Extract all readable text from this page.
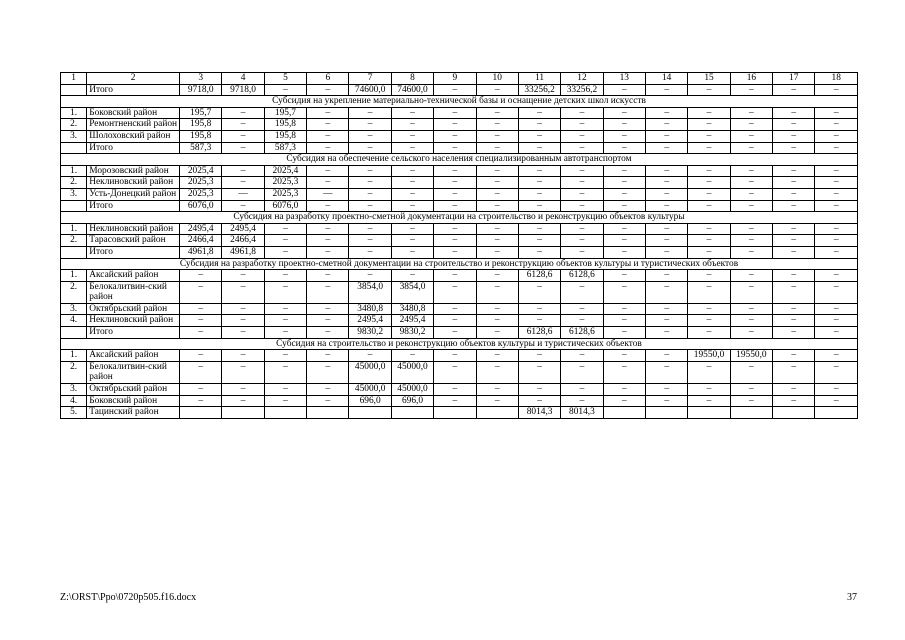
1	2	3	4	5	6	7	8	9	10	11	12	13	14	15	16	17	18
	Итого	9718,0	9718,0	–	–	74600,0	74600,0	–	–	33256,2	33256,2	–	–	–	–	–	–
Субсидия на укрепление материально-технической базы и оснащение детских школ искусств																	
1.	Боковский район	195,7	–	195,7	–	–	–	–	–	–	–	–	–	–	–	–	–
2.	Ремонтненский район	195,8	–	195,8	–	–	–	–	–	–	–	–	–	–	–	–	–
3.	Шолоховский район	195,8	–	195,8	–	–	–	–	–	–	–	–	–	–	–	–	–
	Итого	587,3	–	587,3	–	–	–	–	–	–	–	–	–	–	–	–	–
Субсидия на обеспечение сельского населения специализированным автотранспортом																	
1.	Морозовский район	2025,4	–	2025,4	–	–	–	–	–	–	–	–	–	–	–	–	–
2.	Неклиновский район	2025,3	–	2025,3	–	–	–	–	–	–	–	–	–	–	–	–	–
3.	Усть-Донецкий район	2025,3	—	2025,3	—	–	–	–	–	–	–	–	–	–	–	–	–
	Итого	6076,0	–	6076,0	–	–	–	–	–	–	–	–	–	–	–	–	–
Субсидия на разработку проектно-сметной документации на строительство и реконструкцию объектов культуры																	
1.	Неклиновский район	2495,4	2495,4	–	–	–	–	–	–	–	–	–	–	–	–	–	–
2.	Тарасовский район	2466,4	2466,4	–	–	–	–	–	–	–	–	–	–	–	–	–	–
	Итого	4961,8	4961,8	–	–	–	–	–	–	–	–	–	–	–	–	–	–
Субсидия на разработку проектно-сметной документации на строительство и реконструкцию объектов культуры и туристических объектов																	
1.	Аксайский район	–	–	–	–	–	–	–	–	6128,6	6128,6	–	–	–	–	–	–
2.	Белокалитвин-ский район	–	–	–	–	3854,0	3854,0	–	–	–	–	–	–	–	–	–	–
3.	Октябрьский район	–	–	–	–	3480,8	3480,8	–	–	–	–	–	–	–	–	–	–
4.	Неклиновский район	–	–	–	–	2495,4	2495,4	–	–	–	–	–	–	–	–	–	–
	Итого	–	–	–	–	9830,2	9830,2	–	–	6128,6	6128,6	–	–	–	–	–	–
Субсидия на строительство и реконструкцию объектов культуры и туристических объектов																	
1.	Аксайский район	–	–	–	–	–	–	–	–	–	–	–	–	19550,0	19550,0	–	–
2.	Белокалитвин-ский район	–	–	–	–	45000,0	45000,0	–	–	–	–	–	–	–	–	–	–
3.	Октябрьский район	–	–	–	–	45000,0	45000,0	–	–	–	–	–	–	–	–	–	–
4.	Боковский район	–	–	–	–	696,0	696,0	–	–	–	–	–	–	–	–	–	–
5.	Тацинский район									8014,3	8014,3						
Z:\ORST\Ppo\0720p505.f16.docx	37
